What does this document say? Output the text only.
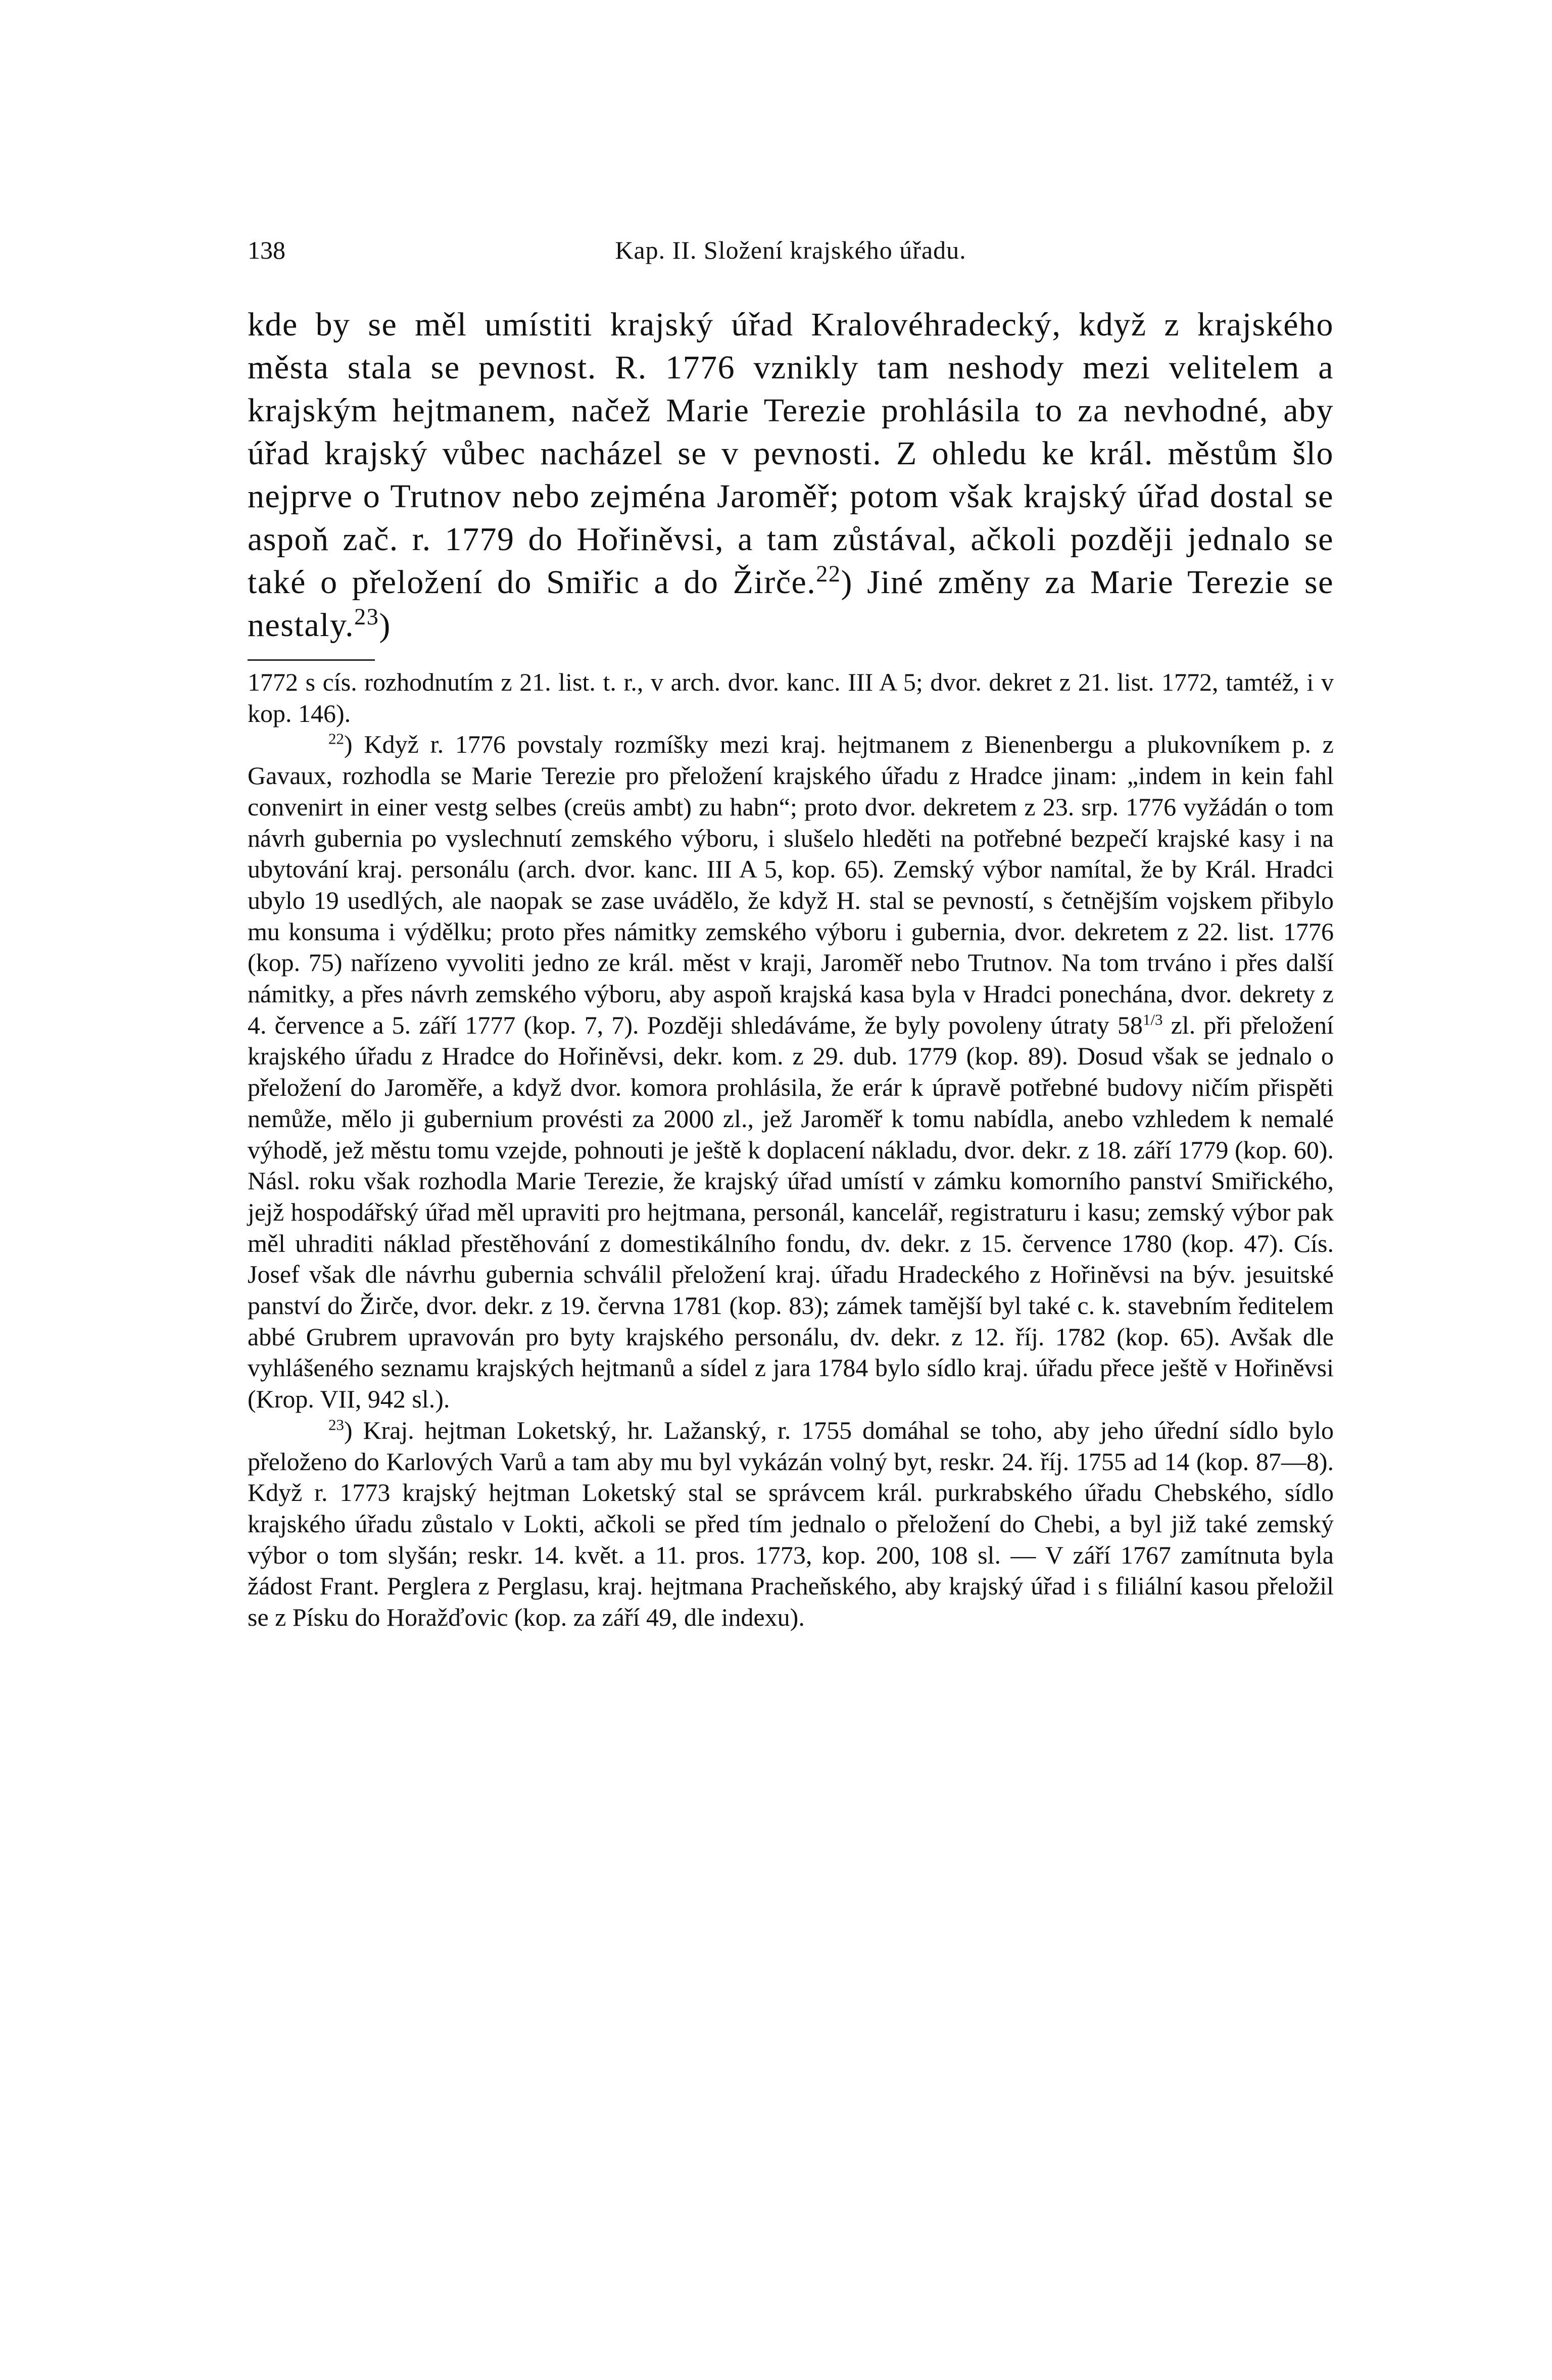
138	Kap. II. Složení krajského úřadu.

kde by se měl umístiti krajský úřad Kralovéhradecký, když z krajského města stala se pevnost. R. 1776 vznikly tam neshody mezi velitelem a krajským hejtmanem, načež Marie Terezie prohlásila to za nevhodné, aby úřad krajský vůbec nacházel se v pevnosti. Z ohledu ke král. městům šlo nejprve o Trutnov nebo zejména Jaroměř; potom však krajský úřad dostal se aspoň zač. r. 1779 do Hořiněvsi, a tam zůstával, ačkoli později jednalo se také o přeložení do Smiřic a do Žirče.$^{22}$) Jiné změny za Marie Terezie se nestaly.$^{23}$)

1772 s cís. rozhodnutím z 21. list. t. r., v arch. dvor. kanc. III A 5; dvor. dekret z 21. list. 1772, tamtéž, i v kop. 146).

$^{22}$) Když r. 1776 povstaly rozmíšky mezi kraj. hejtmanem z Bienenbergu a plukovníkem p. z Gavaux, rozhodla se Marie Terezie pro přeložení krajského úřadu z Hradce jinam: „indem in kein fahl convenirt in einer vestg selbes (creüs ambt) zu habn“; proto dvor. dekretem z 23. srp. 1776 vyžádán o tom návrh gubernia po vyslechnutí zemského výboru, i slušelo hleděti na potřebné bezpečí krajské kasy i na ubytování kraj. personálu (arch. dvor. kanc. III A 5, kop. 65). Zemský výbor namítal, že by Král. Hradci ubylo 19 usedlých, ale naopak se zase uvádělo, že když H. stal se pevností, s četnějším vojskem přibylo mu konsuma i výdělku; proto přes námitky zemského výboru i gubernia, dvor. dekretem z 22. list. 1776 (kop. 75) nařízeno vyvoliti jedno ze král. měst v kraji, Jaroměř nebo Trutnov. Na tom trváno i přes další námitky, a přes návrh zemského výboru, aby aspoň krajská kasa byla v Hradci ponechána, dvor. dekrety z 4. července a 5. září 1777 (kop. 7, 7). Později shledáváme, že byly povoleny útraty $58^{1/3}$ zl. při přeložení krajského úřadu z Hradce do Hořiněvsi, dekr. kom. z 29. dub. 1779 (kop. 89). Dosud však se jednalo o přeložení do Jaroměře, a když dvor. komora prohlásila, že erár k úpravě potřebné budovy ničím přispěti nemůže, mělo ji gubernium provésti za 2000 zl., jež Jaroměř k tomu nabídla, anebo vzhledem k nemalé výhodě, jež městu tomu vzejde, pohnouti je ještě k doplacení nákladu, dvor. dekr. z 18. září 1779 (kop. 60). Násl. roku však rozhodla Marie Terezie, že krajský úřad umístí v zámku komorního panství Smiřického, jejž hospodářský úřad měl upraviti pro hejtmana, personál, kancelář, registraturu i kasu; zemský výbor pak měl uhraditi náklad přestěhování z domestikálního fondu, dv. dekr. z 15. července 1780 (kop. 47). Cís. Josef však dle návrhu gubernia schválil přeložení kraj. úřadu Hradeckého z Hořiněvsi na býv. jesuitské panství do Žirče, dvor. dekr. z 19. června 1781 (kop. 83); zámek tamější byl také c. k. stavebním ředitelem abbé Grubrem upravován pro byty krajského personálu, dv. dekr. z 12. říj. 1782 (kop. 65). Avšak dle vyhlášeného seznamu krajských hejtmanů a sídel z jara 1784 bylo sídlo kraj. úřadu přece ještě v Hořiněvsi (Krop. VII, 942 sl.).

$^{23}$) Kraj. hejtman Loketský, hr. Lažanský, r. 1755 domáhal se toho, aby jeho úřední sídlo bylo přeloženo do Karlových Varů a tam aby mu byl vykázán volný byt, reskr. 24. říj. 1755 ad 14 (kop. 87—8). Když r. 1773 krajský hejtman Loketský stal se správcem král. purkrabského úřadu Chebského, sídlo krajského úřadu zůstalo v Lokti, ačkoli se před tím jednalo o přeložení do Chebi, a byl již také zemský výbor o tom slyšán; reskr. 14. květ. a 11. pros. 1773, kop. 200, 108 sl. — V září 1767 zamítnuta byla žádost Frant. Perglera z Perglasu, kraj. hejtmana Pracheňského, aby krajský úřad i s filiální kasou přeložil se z Písku do Horažďovic (kop. za září 49, dle indexu).
